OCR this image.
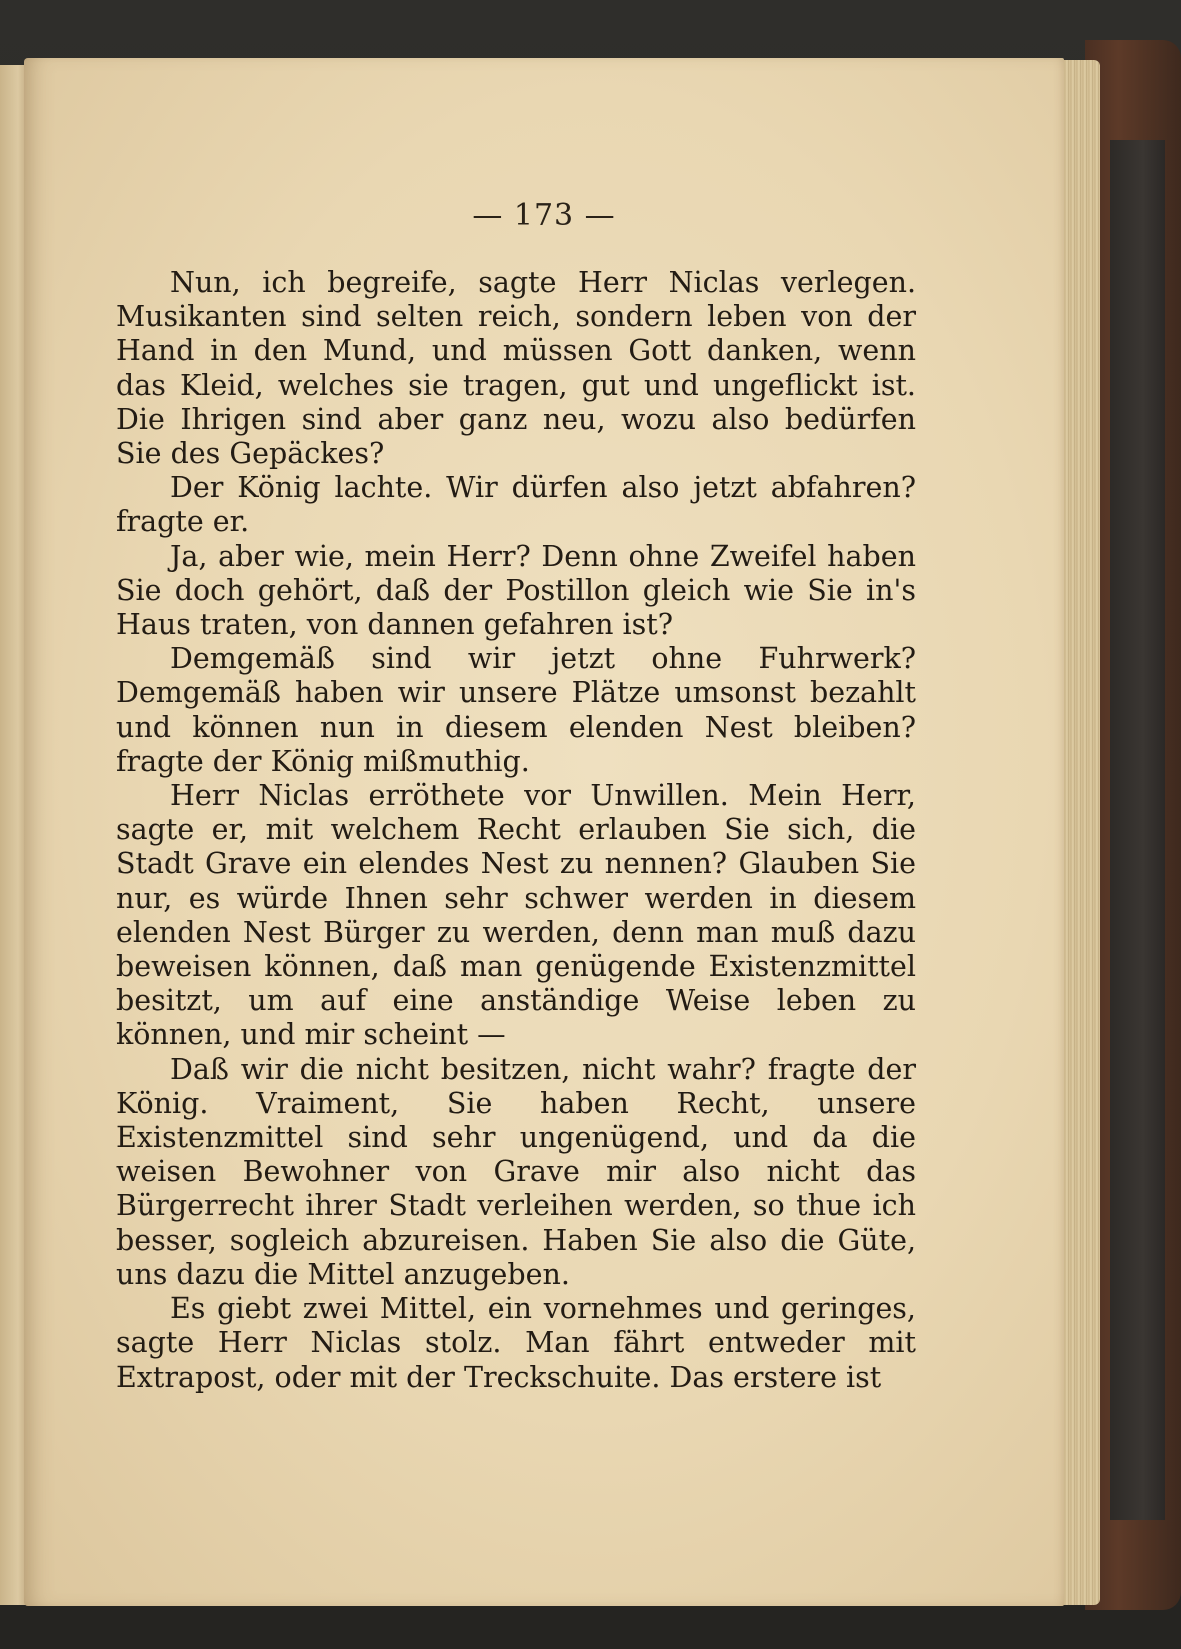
— 173 —

Nun, ich begreife, sagte Herr Niclas verlegen. Musikanten sind selten reich, sondern leben von der Hand in den Mund, und müssen Gott danken, wenn das Kleid, welches sie tragen, gut und ungeflickt ist. Die Ihrigen sind aber ganz neu, wozu also bedürfen Sie des Gepäckes?

Der König lachte. Wir dürfen also jetzt abfahren? fragte er.

Ja, aber wie, mein Herr? Denn ohne Zweifel haben Sie doch gehört, daß der Postillon gleich wie Sie in's Haus traten, von dannen gefahren ist?

Demgemäß sind wir jetzt ohne Fuhrwerk? Demgemäß haben wir unsere Plätze umsonst bezahlt und können nun in diesem elenden Nest bleiben? fragte der König mißmuthig.

Herr Niclas erröthete vor Unwillen. Mein Herr, sagte er, mit welchem Recht erlauben Sie sich, die Stadt Grave ein elendes Nest zu nennen? Glauben Sie nur, es würde Ihnen sehr schwer werden in diesem elenden Nest Bürger zu werden, denn man muß dazu beweisen können, daß man genügende Existenzmittel besitzt, um auf eine anständige Weise leben zu können, und mir scheint —

Daß wir die nicht besitzen, nicht wahr? fragte der König. Vraiment, Sie haben Recht, unsere Existenzmittel sind sehr ungenügend, und da die weisen Bewohner von Grave mir also nicht das Bürgerrecht ihrer Stadt verleihen werden, so thue ich besser, sogleich abzureisen. Haben Sie also die Güte, uns dazu die Mittel anzugeben.

Es giebt zwei Mittel, ein vornehmes und geringes, sagte Herr Niclas stolz. Man fährt entweder mit Extrapost, oder mit der Treckschuite. Das erstere ist
